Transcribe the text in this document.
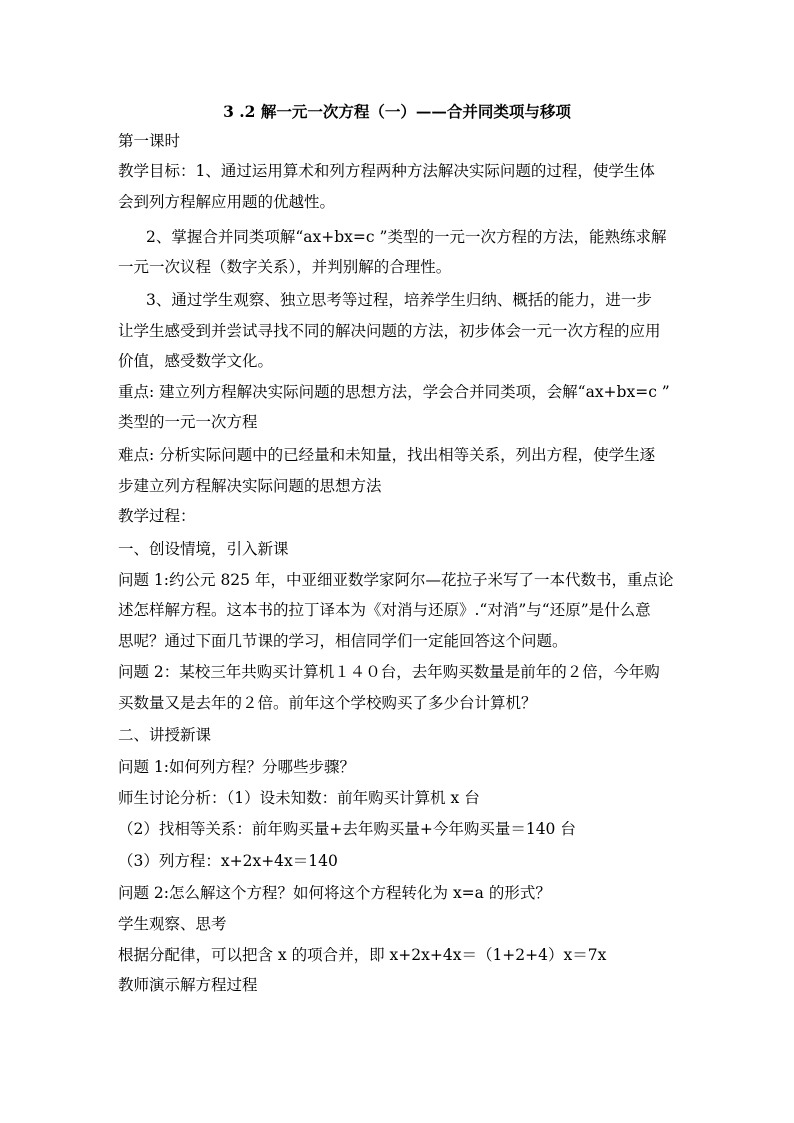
3 .2 解一元一次方程（一）——合并同类项与移项
第一课时
教学目标：1、通过运用算术和列方程两种方法解决实际问题的过程，使学生体
会到列方程解应用题的优越性。
2、掌握合并同类项解“ax+bx=c ”类型的一元一次方程的方法，能熟练求解
一元一次议程（数字关系），并判别解的合理性。
3、通过学生观察、独立思考等过程，培养学生归纳、概括的能力，进一步
让学生感受到并尝试寻找不同的解决问题的方法，初步体会一元一次方程的应用
价值，感受数学文化。
重点: 建立列方程解决实际问题的思想方法，学会合并同类项，会解“ax+bx=c ”
类型的一元一次方程
难点: 分析实际问题中的已经量和未知量，找出相等关系，列出方程，使学生逐
步建立列方程解决实际问题的思想方法
教学过程：
一、创设情境，引入新课
问题 1:约公元 825 年，中亚细亚数学家阿尔—花拉子米写了一本代数书，重点论
述怎样解方程。这本书的拉丁译本为《对消与还原》.“对消”与“还原”是什么意
思呢？通过下面几节课的学习，相信同学们一定能回答这个问题。
问题 2：某校三年共购买计算机１４０台，去年购买数量是前年的２倍，今年购
买数量又是去年的２倍。前年这个学校购买了多少台计算机？
二、讲授新课
问题 1:如何列方程？分哪些步骤？
师生讨论分析：（1）设未知数：前年购买计算机 x 台
（2）找相等关系：前年购买量+去年购买量+今年购买量＝140 台
（3）列方程：x+2x+4x＝140
问题 2:怎么解这个方程？如何将这个方程转化为 x=a 的形式？
学生观察、思考
根据分配律，可以把含 x 的项合并，即 x+2x+4x＝（1+2+4）x＝7x
教师演示解方程过程
